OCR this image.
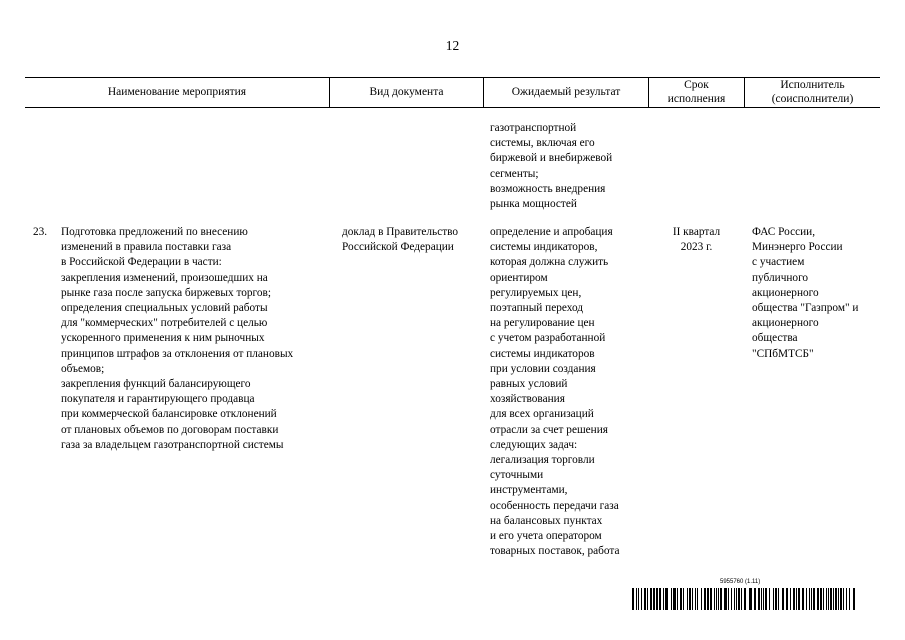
12
Наименование мероприятия	Вид документа	Ожидаемый результат
Срок
исполнения
Исполнитель
(соисполнители)
газотранспортной
системы, включая его
биржевой и внебиржевой
сегменты;
возможность внедрения
рынка мощностей
23. Подготовка предложений по внесению
изменений в правила поставки газа
в Российской Федерации в части:
закрепления изменений, произошедших на
рынке газа после запуска биржевых торгов;
определения специальных условий работы
для "коммерческих" потребителей с целью
ускоренного применения к ним рыночных
принципов штрафов за отклонения от плановых
объемов;
закрепления функций балансирующего
покупателя и гарантирующего продавца
при коммерческой балансировке отклонений
от плановых объемов по договорам поставки
газа за владельцем газотранспортной системы
доклад в Правительство
Российской Федерации
определение и апробация
системы индикаторов,
которая должна служить
ориентиром
регулируемых цен,
поэтапный переход
на регулирование цен
с учетом разработанной
системы индикаторов
при условии создания
равных условий
хозяйствования
для всех организаций
отрасли за счет решения
следующих задач:
легализация торговли
суточными
инструментами,
особенность передачи газа
на балансовых пунктах
и его учета оператором
товарных поставок, работа
II квартал
2023 г.
ФАС России,
Минэнерго России
с участием
публичного
акционерного
общества "Газпром" и
акционерного
общества
"СПбМТСБ"
5955760 (1.11)
